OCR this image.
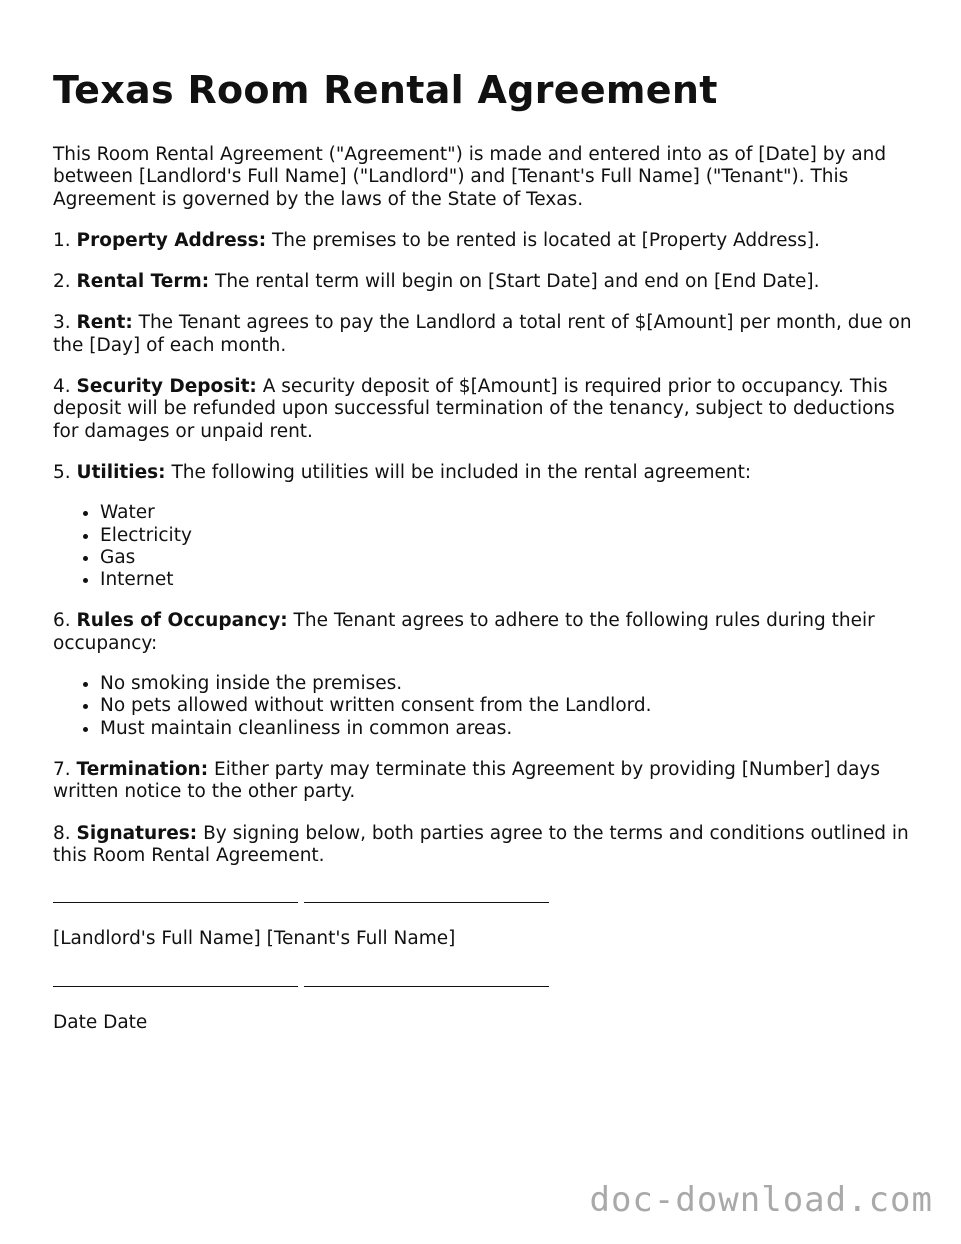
Texas Room Rental Agreement

This Room Rental Agreement ("Agreement") is made and entered into as of [Date] by and between [Landlord's Full Name] ("Landlord") and [Tenant's Full Name] ("Tenant"). This Agreement is governed by the laws of the State of Texas.

1. Property Address: The premises to be rented is located at [Property Address].

2. Rental Term: The rental term will begin on [Start Date] and end on [End Date].

3. Rent: The Tenant agrees to pay the Landlord a total rent of $[Amount] per month, due on the [Day] of each month.

4. Security Deposit: A security deposit of $[Amount] is required prior to occupancy. This deposit will be refunded upon successful termination of the tenancy, subject to deductions for damages or unpaid rent.

5. Utilities: The following utilities will be included in the rental agreement:

• Water
• Electricity
• Gas
• Internet

6. Rules of Occupancy: The Tenant agrees to adhere to the following rules during their occupancy:

• No smoking inside the premises.
• No pets allowed without written consent from the Landlord.
• Must maintain cleanliness in common areas.

7. Termination: Either party may terminate this Agreement by providing [Number] days written notice to the other party.

8. Signatures: By signing below, both parties agree to the terms and conditions outlined in this Room Rental Agreement.

[Landlord's Full Name] [Tenant's Full Name]

Date Date

doc-download.com
